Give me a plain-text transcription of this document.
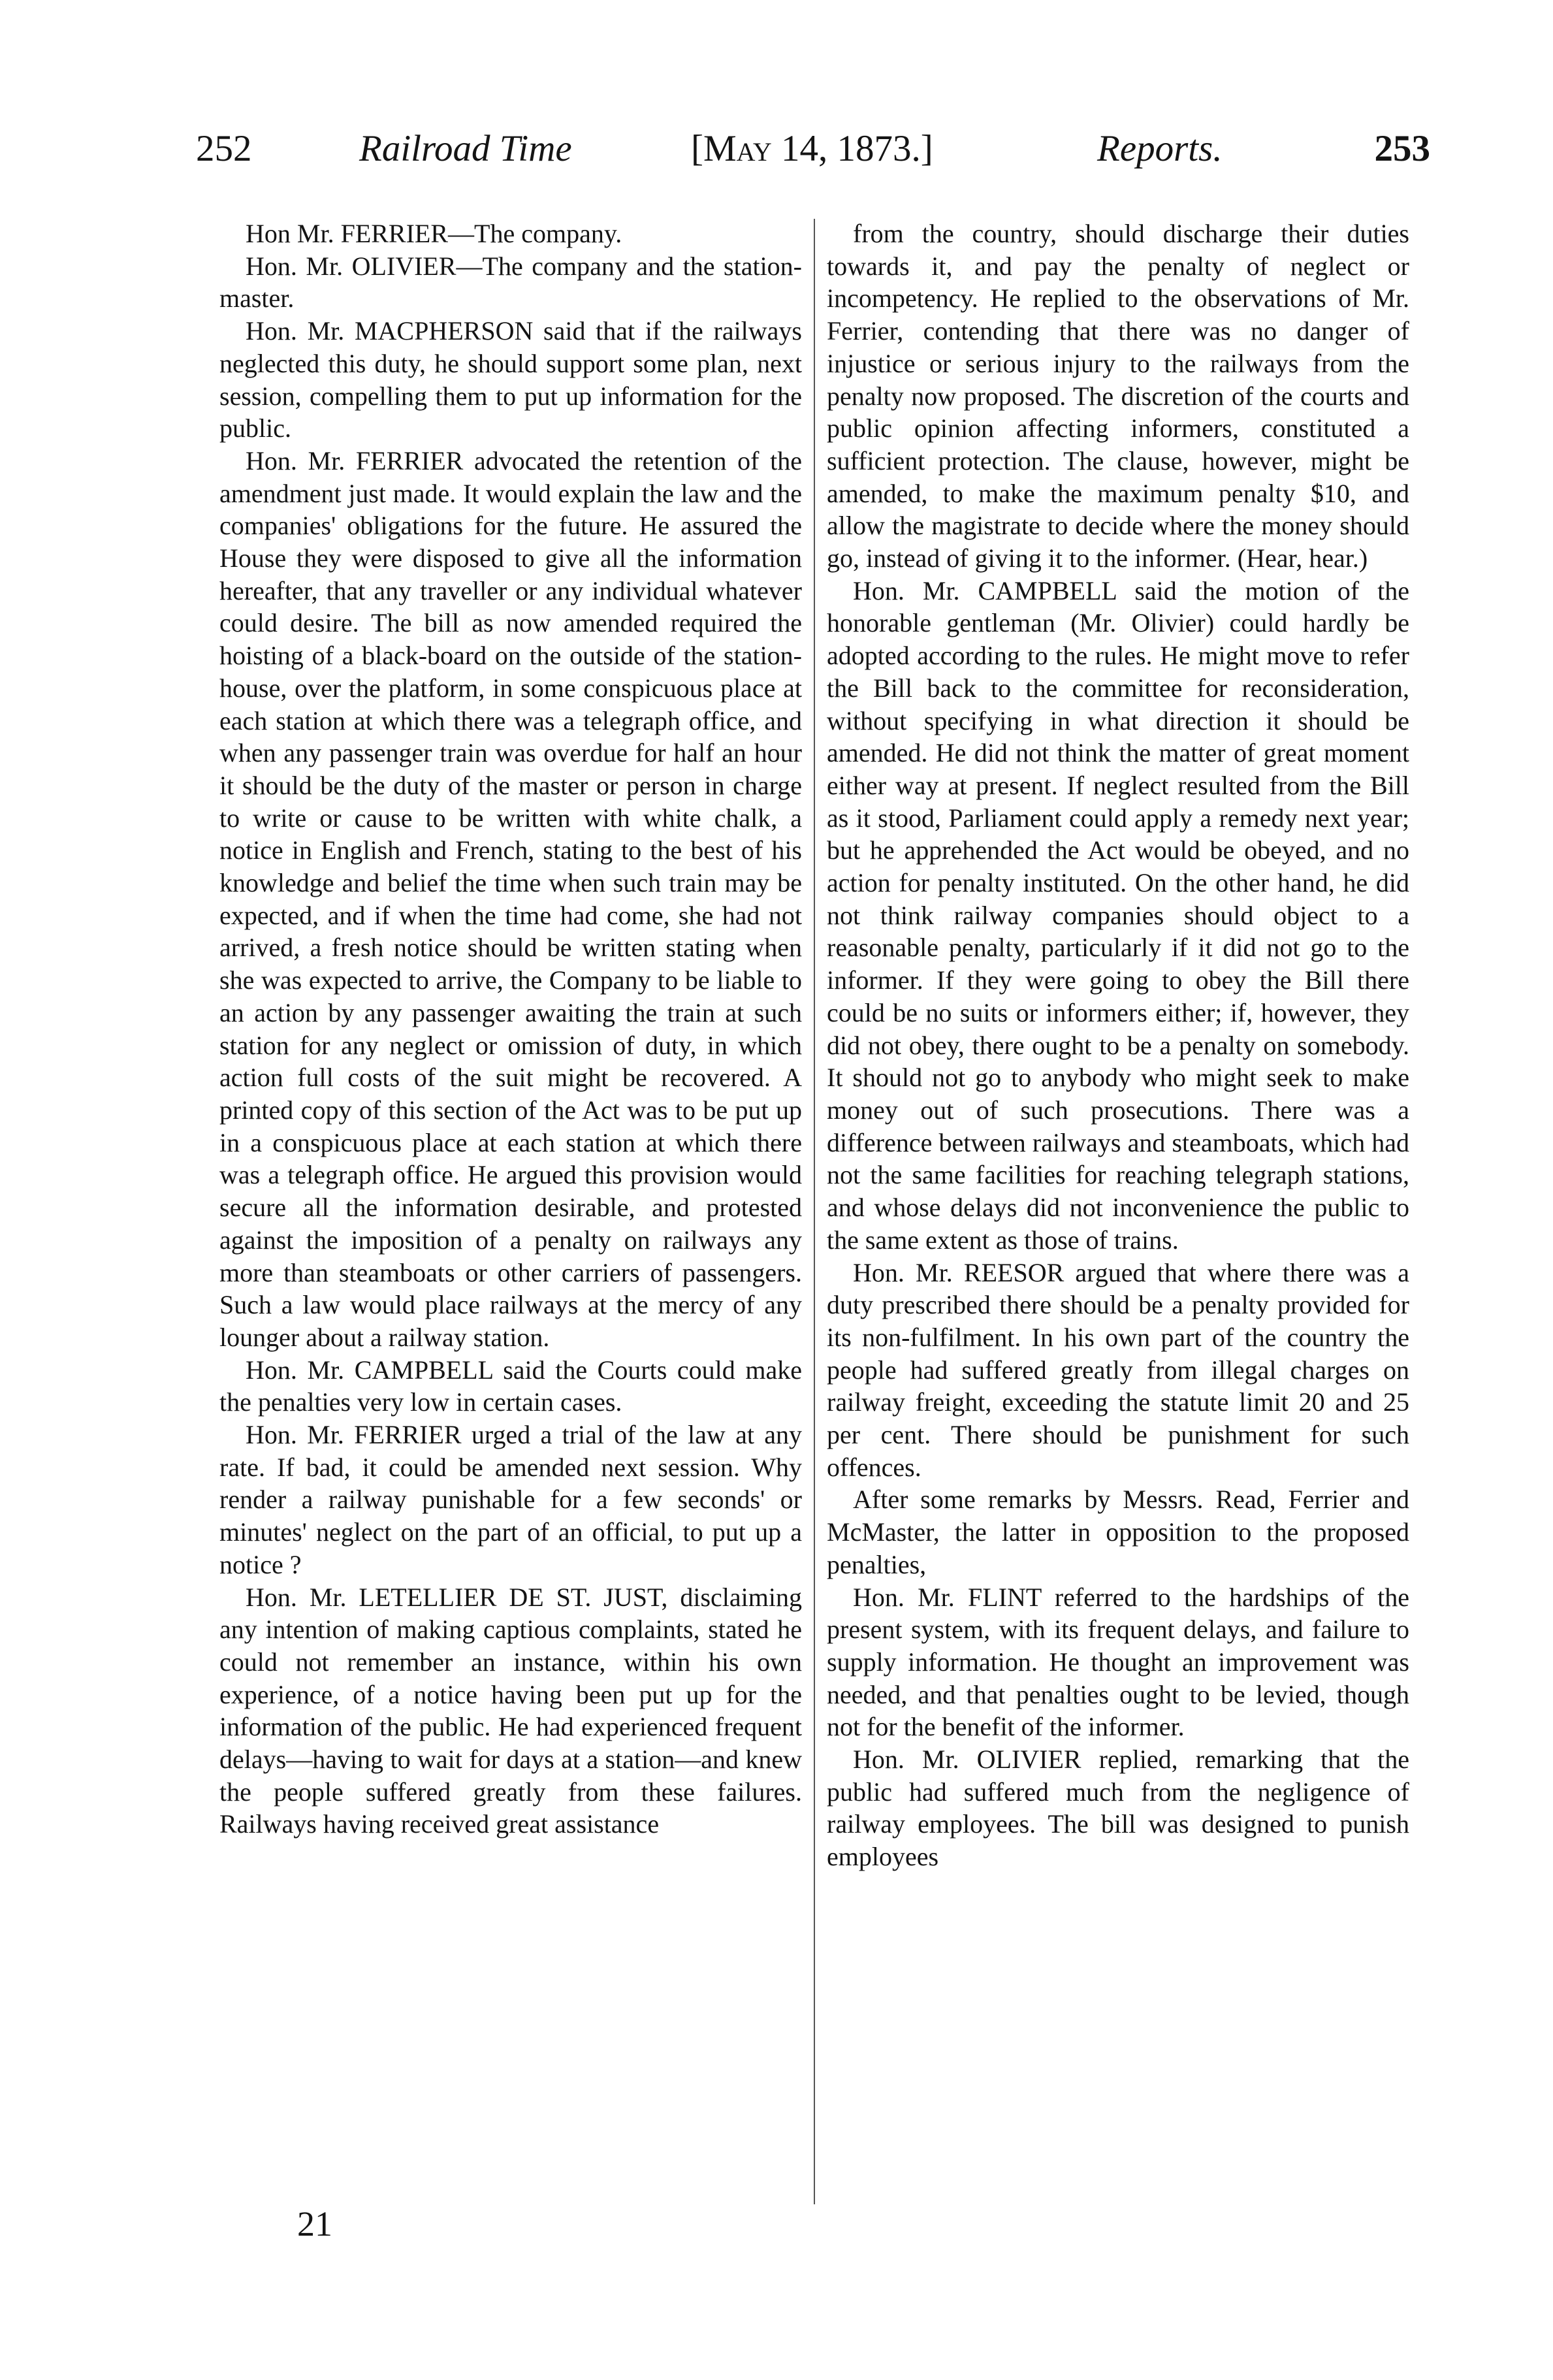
252	Railroad Time	[May 14, 1873.]	Reports.	253

Hon Mr. FERRIER—The company.

Hon. Mr. OLIVIER—The company and the station-master.

Hon. Mr. MACPHERSON said that if the railways neglected this duty, he should support some plan, next session, compelling them to put up information for the public.

Hon. Mr. FERRIER advocated the retention of the amendment just made. It would explain the law and the companies' obligations for the future. He assured the House they were disposed to give all the information hereafter, that any traveller or any individual whatever could desire. The bill as now amended required the hoisting of a black-board on the outside of the station-house, over the platform, in some conspicuous place at each station at which there was a telegraph office, and when any passenger train was overdue for half an hour it should be the duty of the master or person in charge to write or cause to be written with white chalk, a notice in English and French, stating to the best of his knowledge and belief the time when such train may be expected, and if when the time had come, she had not arrived, a fresh notice should be written stating when she was expected to arrive, the Company to be liable to an action by any passenger awaiting the train at such station for any neglect or omission of duty, in which action full costs of the suit might be recovered. A printed copy of this section of the Act was to be put up in a conspicuous place at each station at which there was a telegraph office. He argued this provision would secure all the information desirable, and protested against the imposition of a penalty on railways any more than steamboats or other carriers of passengers. Such a law would place railways at the mercy of any lounger about a railway station.

Hon. Mr. CAMPBELL said the Courts could make the penalties very low in certain cases.

Hon. Mr. FERRIER urged a trial of the law at any rate. If bad, it could be amended next session. Why render a railway punishable for a few seconds' or minutes' neglect on the part of an official, to put up a notice ?

Hon. Mr. LETELLIER DE ST. JUST, disclaiming any intention of making captious complaints, stated he could not remember an instance, within his own experience, of a notice having been put up for the information of the public. He had experienced frequent delays—having to wait for days at a station—and knew the people suffered greatly from these failures. Railways having received great assistance

from the country, should discharge their duties towards it, and pay the penalty of neglect or incompetency. He replied to the observations of Mr. Ferrier, contending that there was no danger of injustice or serious injury to the railways from the penalty now proposed. The discretion of the courts and public opinion affecting informers, constituted a sufficient protection. The clause, however, might be amended, to make the maximum penalty $10, and allow the magistrate to decide where the money should go, instead of giving it to the informer. (Hear, hear.)

Hon. Mr. CAMPBELL said the motion of the honorable gentleman (Mr. Olivier) could hardly be adopted according to the rules. He might move to refer the Bill back to the committee for reconsideration, without specifying in what direction it should be amended. He did not think the matter of great moment either way at present. If neglect resulted from the Bill as it stood, Parliament could apply a remedy next year; but he apprehended the Act would be obeyed, and no action for penalty instituted. On the other hand, he did not think railway companies should object to a reasonable penalty, particularly if it did not go to the informer. If they were going to obey the Bill there could be no suits or informers either; if, however, they did not obey, there ought to be a penalty on somebody. It should not go to anybody who might seek to make money out of such prosecutions. There was a difference between railways and steamboats, which had not the same facilities for reaching telegraph stations, and whose delays did not inconvenience the public to the same extent as those of trains.

Hon. Mr. REESOR argued that where there was a duty prescribed there should be a penalty provided for its non-fulfilment. In his own part of the country the people had suffered greatly from illegal charges on railway freight, exceeding the statute limit 20 and 25 per cent. There should be punishment for such offences.

After some remarks by Messrs. Read, Ferrier and McMaster, the latter in opposition to the proposed penalties,

Hon. Mr. FLINT referred to the hardships of the present system, with its frequent delays, and failure to supply information. He thought an improvement was needed, and that penalties ought to be levied, though not for the benefit of the informer.

Hon. Mr. OLIVIER replied, remarking that the public had suffered much from the negligence of railway employees. The bill was designed to punish employees

21
